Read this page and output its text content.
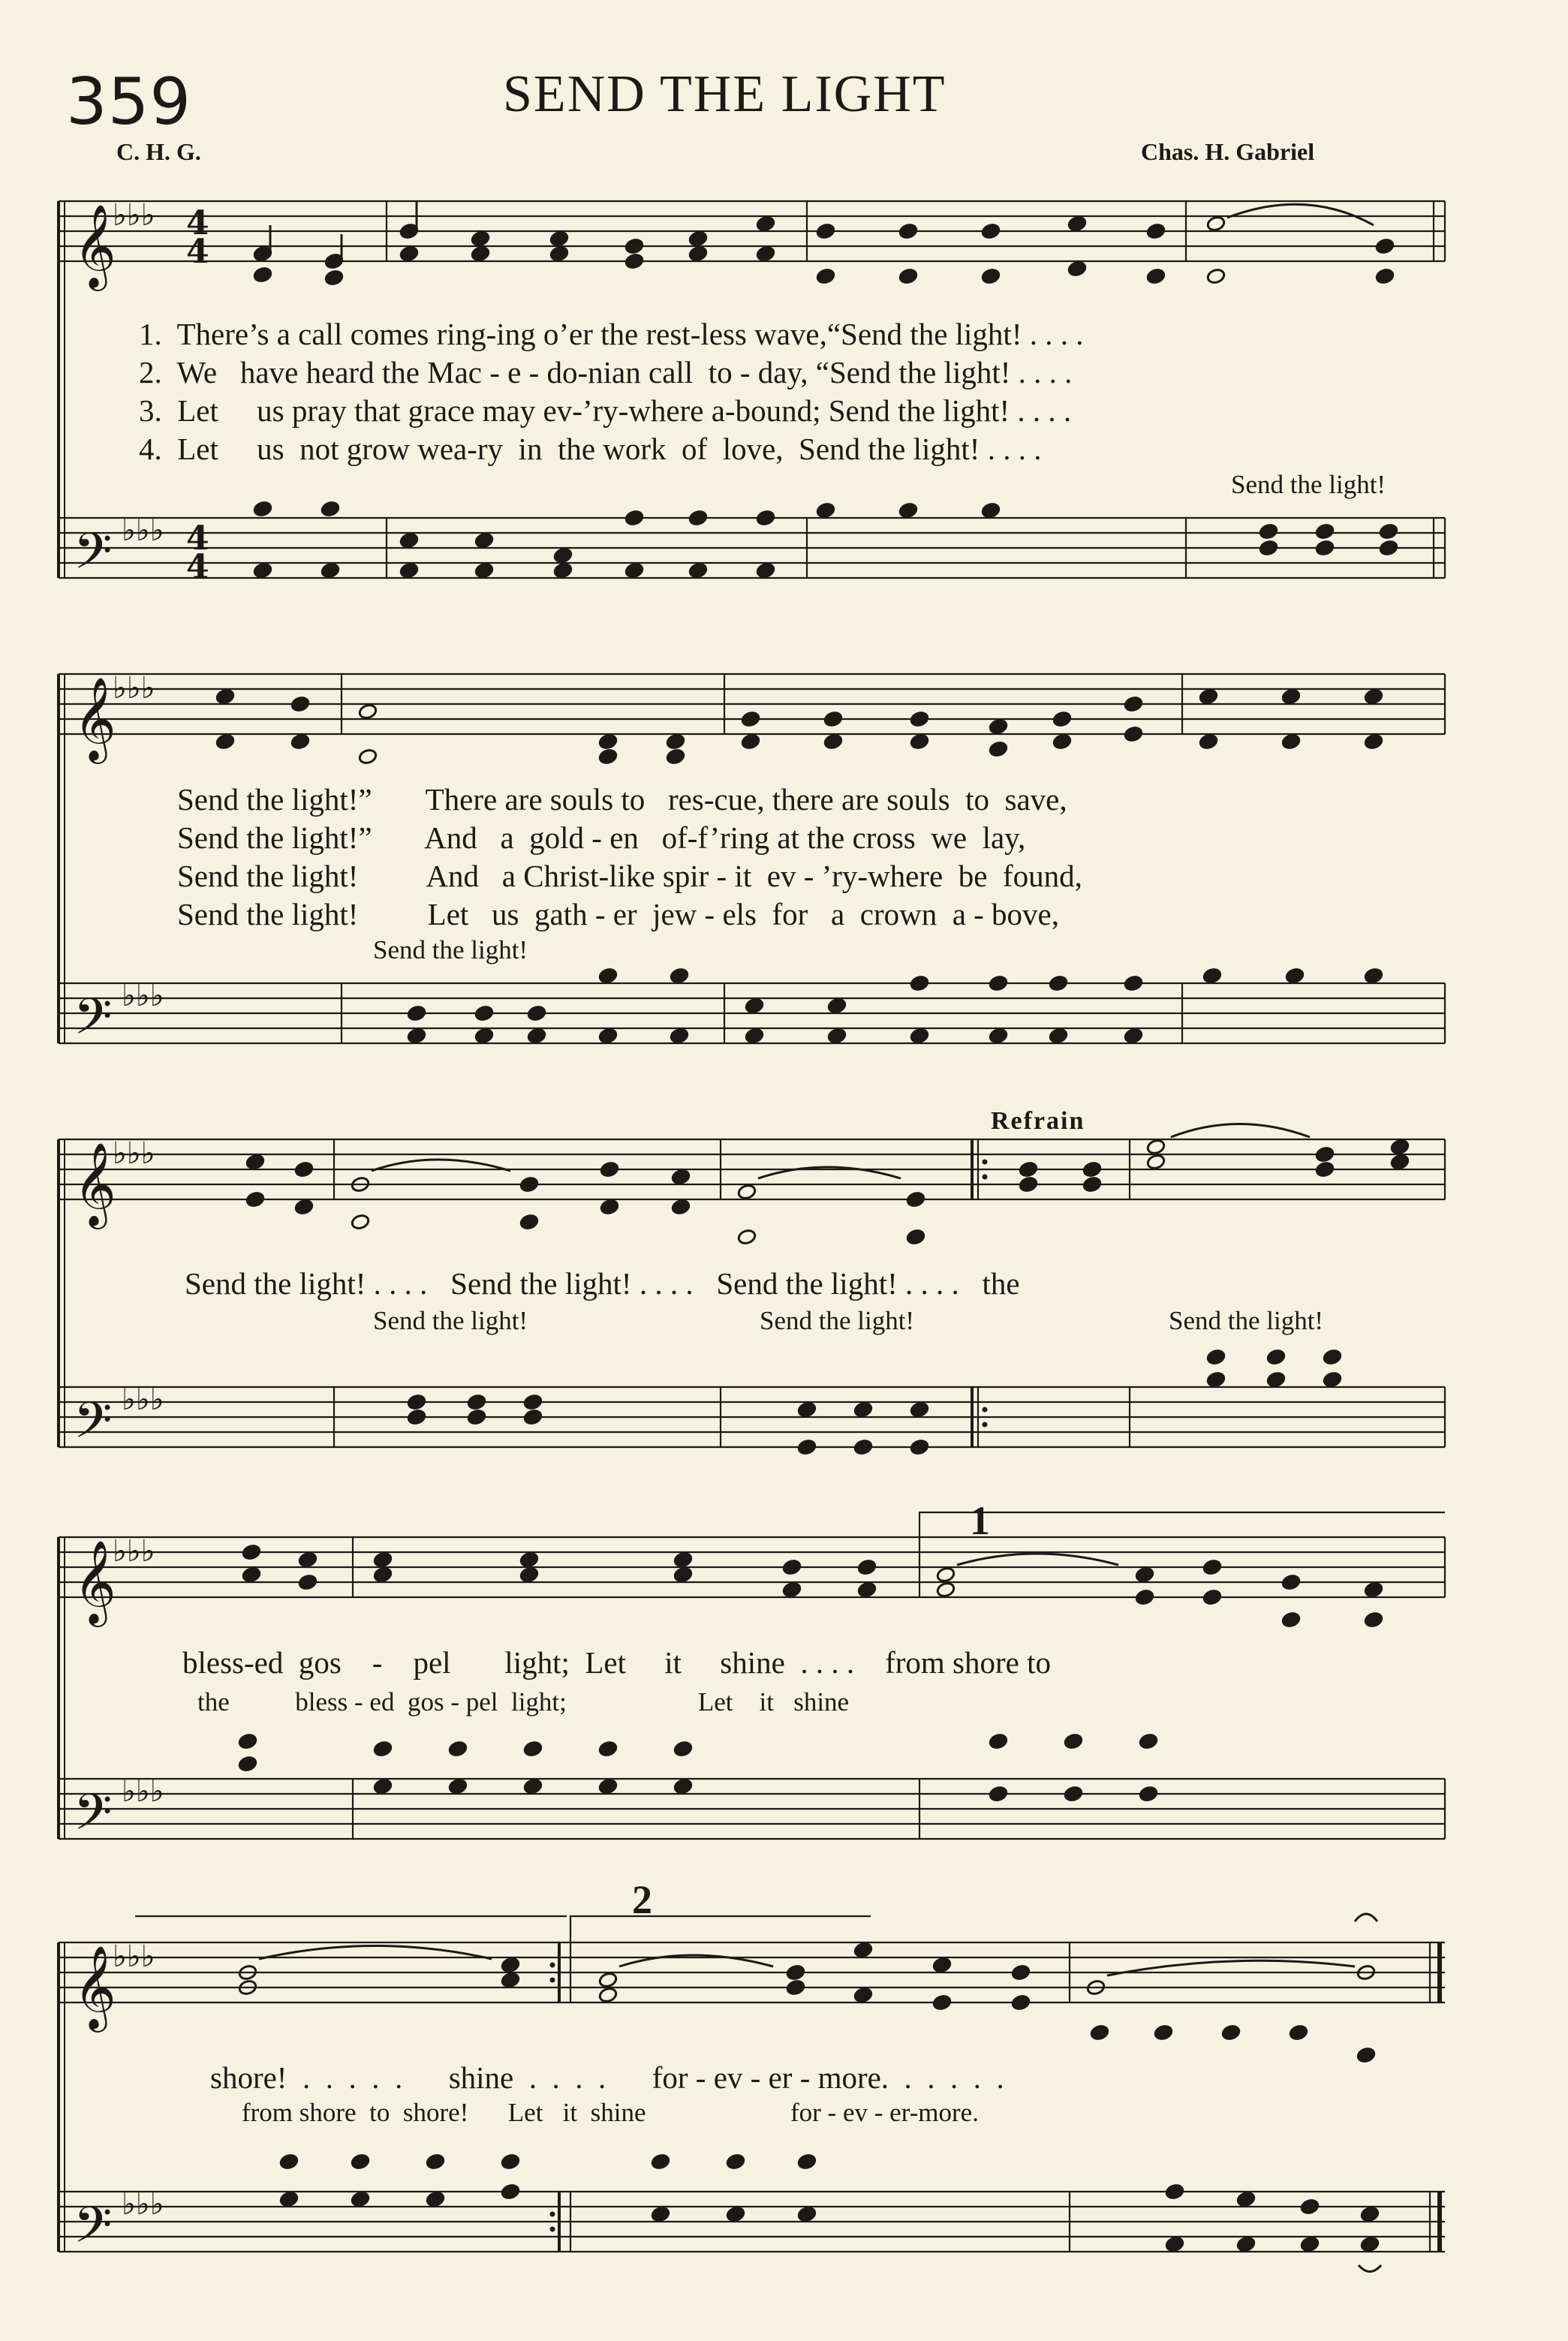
359	SEND THE LIGHT
C. H. G.	Chas. H. Gabriel
𝄞
𝄢
♭♭♭
♭♭♭
4
4
4
4
𝄞
𝄢
♭♭♭
♭♭♭
𝄞
𝄢
♭♭♭
♭♭♭
𝄞
𝄢
♭♭♭
♭♭♭
𝄞
𝄢
♭♭♭
♭♭♭
1.  There’s a call comes ring-ing o’er the rest-less wave,“Send the light! . . . .
2.  We   have heard the Mac - e - do-nian call  to - day, “Send the light! . . . .
3.  Let     us pray that grace may ev-’ry-where a-bound; Send the light! . . . .
4.  Let     us  not grow wea-ry  in  the work  of  love,  Send the light! . . . .
Send the light!
Send the light!”       There are souls to   res-cue, there are souls  to  save,
Send the light!”       And   a  gold - en   of-f’ring at the cross  we  lay,
Send the light!         And   a Christ-like spir - it  ev - ’ry-where  be  found,
Send the light!         Let   us  gath - er  jew - els  for   a  crown  a - bove,
Send the light!
Refrain
Send the light! . . . .   Send the light! . . . .   Send the light! . . . .   the
Send the light!	Send the light!	Send the light!
1
bless-ed  gos    -    pel       light;  Let     it     shine  . . . .    from shore to
the          bless - ed  gos - pel  light;                    Let    it   shine
2
shore!  .  .  .  .  .      shine  .  .  .  .      for - ev - er - more.  .  .  .  .  .
from shore  to  shore!      Let   it  shine                      for - ev - er-more.
